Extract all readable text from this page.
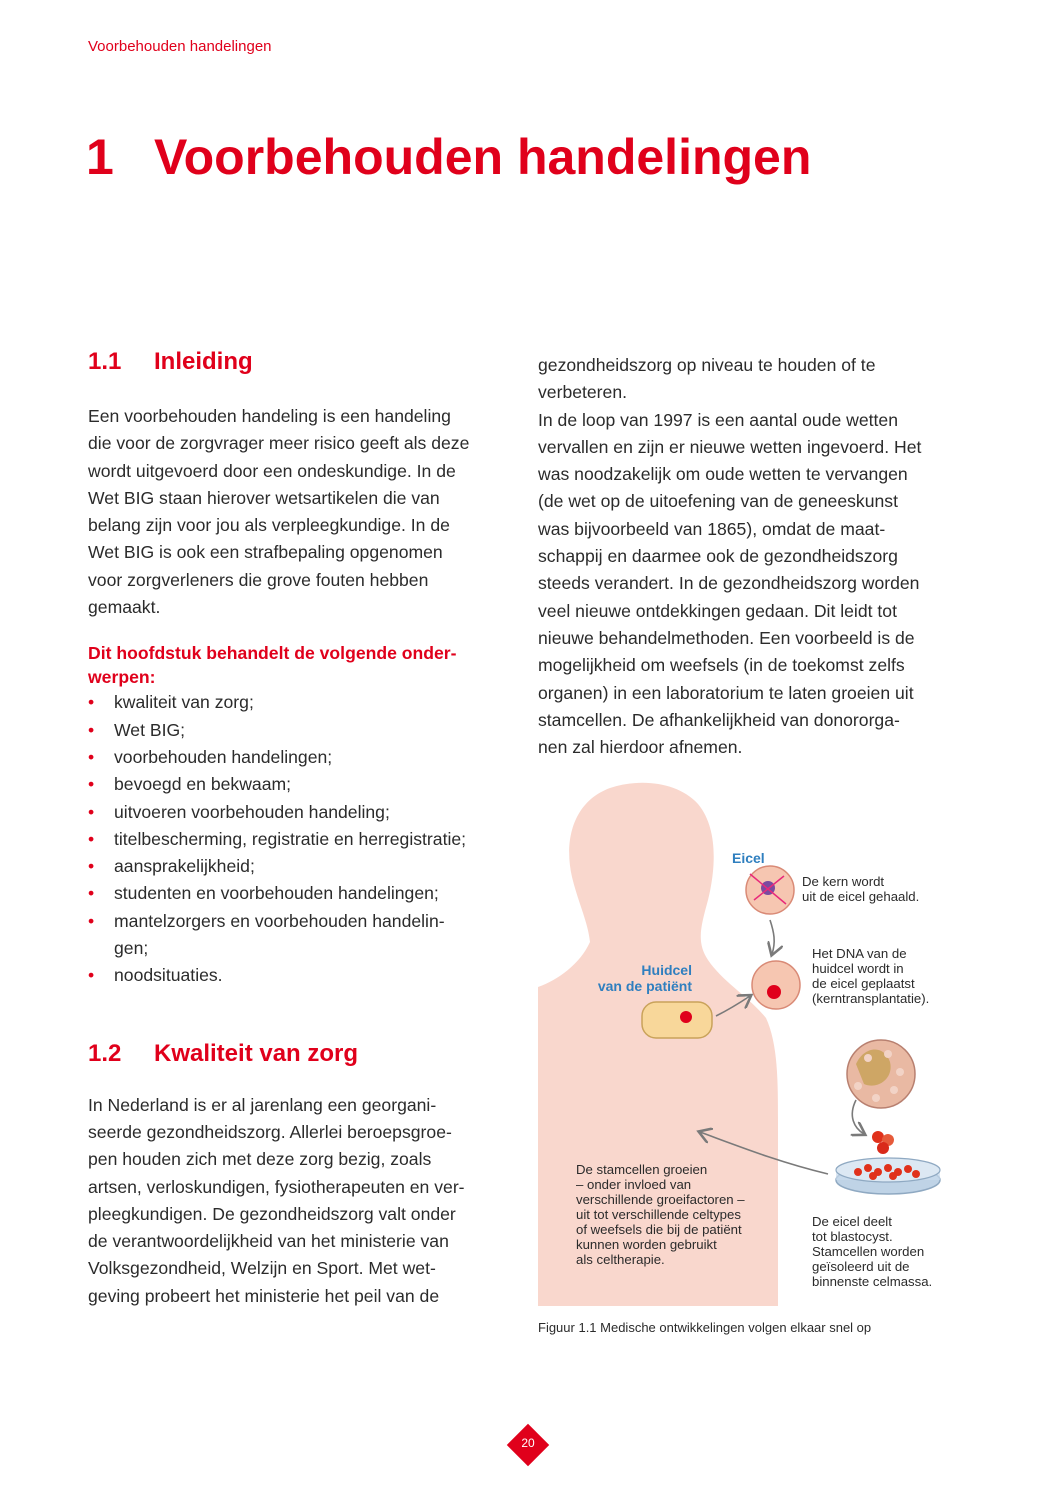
Voorbehouden handelingen
1 Voorbehouden handelingen
1.1 Inleiding

Een voorbehouden handeling is een handeling
die voor de zorgvrager meer risico geeft als deze
wordt uitgevoerd door een ondeskundige. In de
Wet BIG staan hierover wetsartikelen die van
belang zijn voor jou als verpleegkundige. In de
Wet BIG is ook een strafbepaling opgenomen
voor zorgverleners die grove fouten hebben
gemaakt.

Dit hoofdstuk behandelt de volgende onder-
werpen:

• kwaliteit van zorg;
• Wet BIG;
• voorbehouden handelingen;
• bevoegd en bekwaam;
• uitvoeren voorbehouden handeling;
• titelbescherming, registratie en herregistratie;
• aansprakelijkheid;
• studenten en voorbehouden handelingen;
• mantelzorgers en voorbehouden handelin-
gen;
• noodsituaties.
1.2 Kwaliteit van zorg

In Nederland is er al jarenlang een georgani-
seerde gezondheidszorg. Allerlei beroepsgroe-
pen houden zich met deze zorg bezig, zoals
artsen, verloskundigen, fysiotherapeuten en ver-
pleegkundigen. De gezondheidszorg valt onder
de verantwoordelijkheid van het ministerie van
Volksgezondheid, Welzijn en Sport. Met wet-
geving probeert het ministerie het peil van de

gezondheidszorg op niveau te houden of te
verbeteren.
In de loop van 1997 is een aantal oude wetten
vervallen en zijn er nieuwe wetten ingevoerd. Het
was noodzakelijk om oude wetten te vervangen
(de wet op de uitoefening van de geneeskunst
was bijvoorbeeld van 1865), omdat de maat-
schappij en daarmee ook de gezondheidszorg
steeds verandert. In de gezondheidszorg worden
veel nieuwe ontdekkingen gedaan. Dit leidt tot
nieuwe behandelmethoden. Een voorbeeld is de
mogelijkheid om weefsels (in de toekomst zelfs
organen) in een laboratorium te laten groeien uit
stamcellen. De afhankelijkheid van donororga-
nen zal hierdoor afnemen.

Eicel
Huidcel
van de patiënt
De kern wordt
uit de eicel gehaald.
Het DNA van de
huidcel wordt in
de eicel geplaatst
(kerntransplantatie).
De eicel deelt
tot blastocyst.
Stamcellen worden
geïsoleerd uit de
binnenste celmassa.
De stamcellen groeien
– onder invloed van
verschillende groeifactoren –
uit tot verschillende celtypes
of weefsels die bij de patiënt
kunnen worden gebruikt
als celtherapie.
Figuur 1.1 Medische ontwikkelingen volgen elkaar snel op
20
